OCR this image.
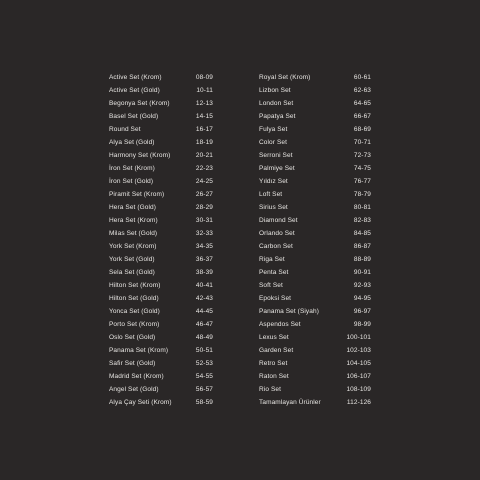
Active Set (Krom)	08-09
Active Set (Gold)	10-11
Begonya Set (Krom)	12-13
Basel Set (Gold)	14-15
Round Set	16-17
Alya Set (Gold)	18-19
Harmony Set (Krom)	20-21
İron Set (Krom)	22-23
İron Set (Gold)	24-25
Piramit Set (Krom)	26-27
Hera Set (Gold)	28-29
Hera Set (Krom)	30-31
Milas Set (Gold)	32-33
York Set (Krom)	34-35
York Set (Gold)	36-37
Sela Set (Gold)	38-39
Hilton Set (Krom)	40-41
Hilton Set (Gold)	42-43
Yonca Set (Gold)	44-45
Porto Set (Krom)	46-47
Oslo Set (Gold)	48-49
Panama Set (Krom)	50-51
Safir Set (Gold)	52-53
Madrid Set (Krom)	54-55
Angel Set (Gold)	56-57
Alya Çay Seti (Krom)	58-59
Royal Set (Krom)	60-61
Lizbon Set	62-63
London Set	64-65
Papatya Set	66-67
Fulya Set	68-69
Color Set	70-71
Serroni Set	72-73
Palmiye Set	74-75
Yıldız Set	76-77
Loft Set	78-79
Sirius Set	80-81
Diamond Set	82-83
Orlando Set	84-85
Carbon Set	86-87
Riga Set	88-89
Penta Set	90-91
Soft Set	92-93
Epoksi Set	94-95
Panama Set (Siyah)	96-97
Aspendos Set	98-99
Lexus Set	100-101
Garden Set	102-103
Retro Set	104-105
Raton Set	106-107
Rio Set	108-109
Tamamlayan Ürünler	112-126
